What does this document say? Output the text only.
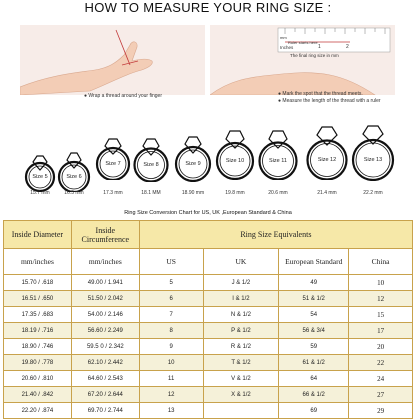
HOW TO MEASURE YOUR RING SIZE :
● Wrap a thread around your finger
mm
Ruler starts here
Inches	1	2
The final ring size in mm
● Mark the spot that the thread meets.
● Measure the length of the thread with a ruler
Size 5	Size 6
Size 7	Size 8	Size 9	Size 10	Size 11	Size 12	Size 13
15.7 mm	16.5 mm	17.3 mm	18.1 MM	18.90 mm	19.8 mm	20.6 mm	21.4 mm	22.2 mm
Ring Size Conversion Chart for US, UK ,European Standard & China
Inside Diameter	Inside Circumference	Ring Size Equivalents			
mm/inches	mm/inches	US	UK	European Standard	China
15.70 / .618	49.00 / 1.941	5	J & 1/2	49	10
16.51 / .650	51.50 / 2.042	6	I & 1/2	51 & 1/2	12
17.35 / .683	54.00 / 2.146	7	N & 1/2	54	15
18.19 / .716	56.60 / 2.249	8	P & 1/2	56 & 3/4	17
18.90 / .746	59.5 0 / 2.342	9	R & 1/2	59	20
19.80 / .778	62.10 / 2.442	10	T & 1/2	61 & 1/2	22
20.60 / .810	64.60 / 2.543	11	V & 1/2	64	24
21.40 / .842	67.20 / 2.644	12	X & 1/2	66 & 1/2	27
22.20 / .874	69.70 / 2.744	13		69	29
